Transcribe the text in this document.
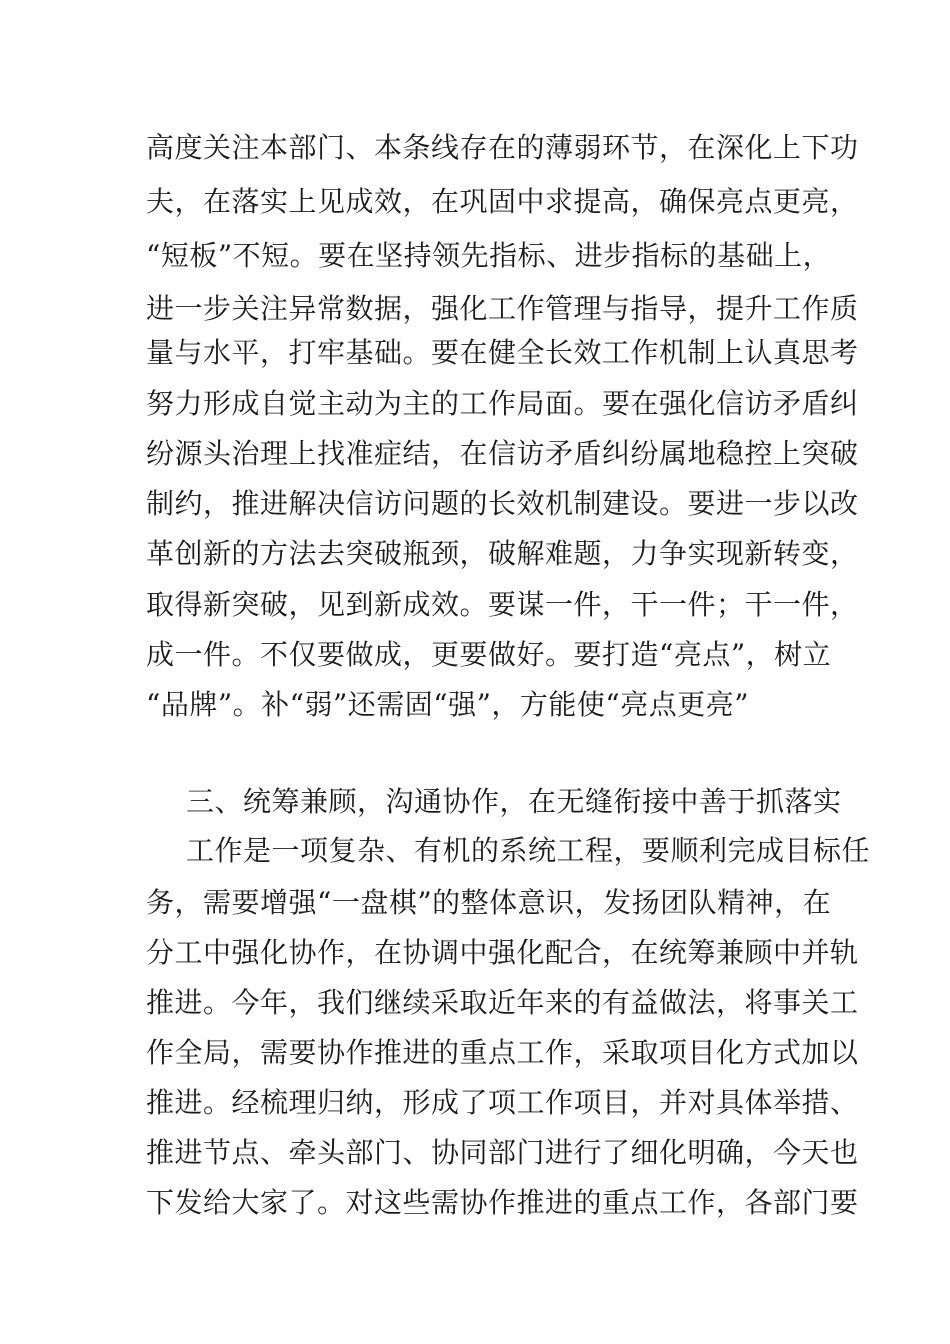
高度关注本部门、本条线存在的薄弱环节，在深化上下功
夫，在落实上见成效，在巩固中求提高，确保亮点更亮，
“短板”不短。要在坚持领先指标、进步指标的基础上，
进一步关注异常数据，强化工作管理与指导，提升工作质
量与水平，打牢基础。要在健全长效工作机制上认真思考
努力形成自觉主动为主的工作局面。要在强化信访矛盾纠
纷源头治理上找准症结，在信访矛盾纠纷属地稳控上突破
制约，推进解决信访问题的长效机制建设。要进一步以改
革创新的方法去突破瓶颈，破解难题，力争实现新转变，
取得新突破，见到新成效。要谋一件，干一件；干一件，
成一件。不仅要做成，更要做好。要打造“亮点”，树立
“品牌”。补“弱”还需固“强”，方能使“亮点更亮”
三、统筹兼顾，沟通协作，在无缝衔接中善于抓落实
工作是一项复杂、有机的系统工程，要顺利完成目标任
务，需要增强“一盘棋”的整体意识，发扬团队精神，在
分工中强化协作，在协调中强化配合，在统筹兼顾中并轨
推进。今年，我们继续采取近年来的有益做法，将事关工
作全局，需要协作推进的重点工作，采取项目化方式加以
推进。经梳理归纳，形成了项工作项目，并对具体举措、
推进节点、牵头部门、协同部门进行了细化明确，今天也
下发给大家了。对这些需协作推进的重点工作，各部门要
